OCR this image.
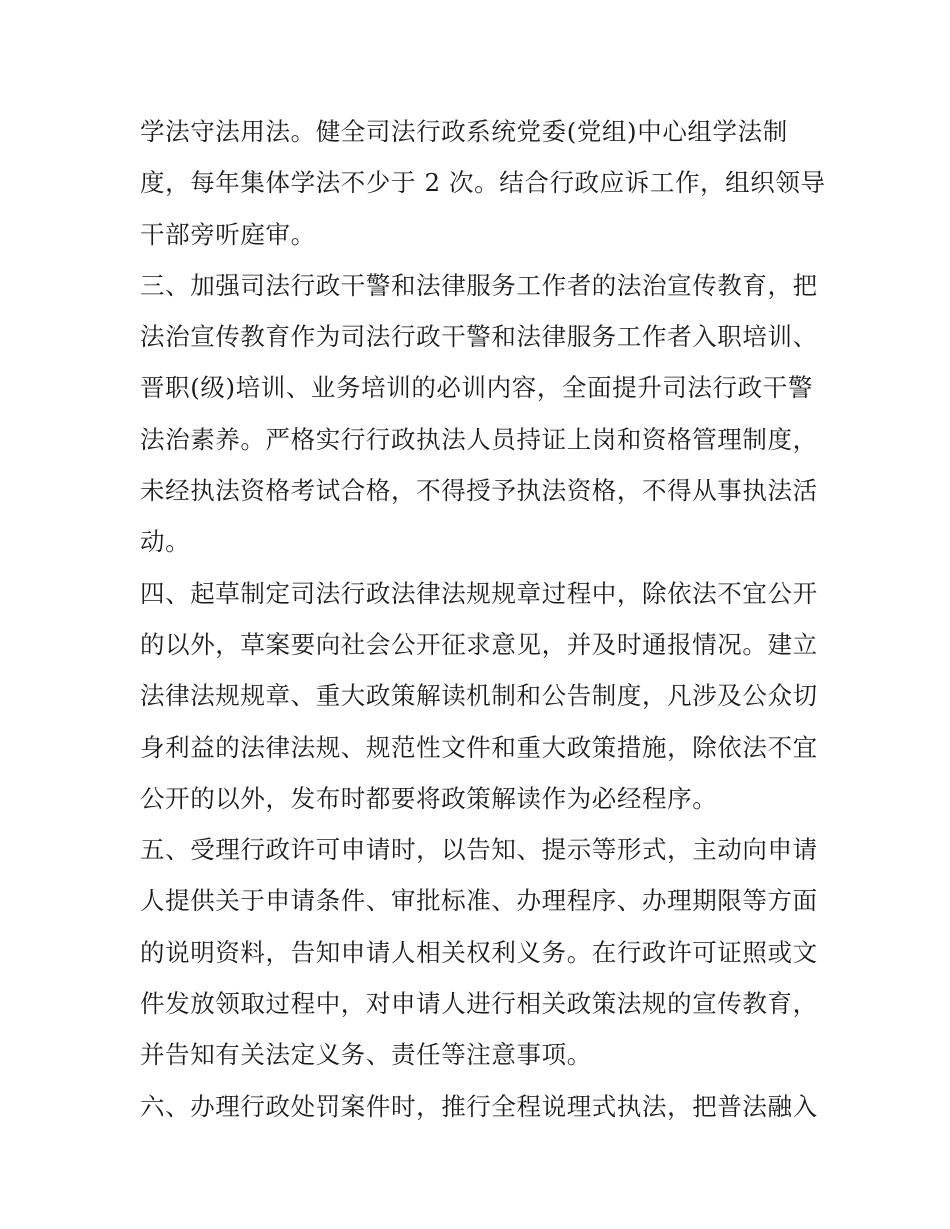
学法守法用法。健全司法行政系统党委(党组)中心组学法制
度，每年集体学法不少于 2 次。结合行政应诉工作，组织领导
干部旁听庭审。
三、加强司法行政干警和法律服务工作者的法治宣传教育，把
法治宣传教育作为司法行政干警和法律服务工作者入职培训、
晋职(级)培训、业务培训的必训内容，全面提升司法行政干警
法治素养。严格实行行政执法人员持证上岗和资格管理制度，
未经执法资格考试合格，不得授予执法资格，不得从事执法活
动。
四、起草制定司法行政法律法规规章过程中，除依法不宜公开
的以外，草案要向社会公开征求意见，并及时通报情况。建立
法律法规规章、重大政策解读机制和公告制度，凡涉及公众切
身利益的法律法规、规范性文件和重大政策措施，除依法不宜
公开的以外，发布时都要将政策解读作为必经程序。
五、受理行政许可申请时，以告知、提示等形式，主动向申请
人提供关于申请条件、审批标准、办理程序、办理期限等方面
的说明资料，告知申请人相关权利义务。在行政许可证照或文
件发放领取过程中，对申请人进行相关政策法规的宣传教育，
并告知有关法定义务、责任等注意事项。
六、办理行政处罚案件时，推行全程说理式执法，把普法融入
